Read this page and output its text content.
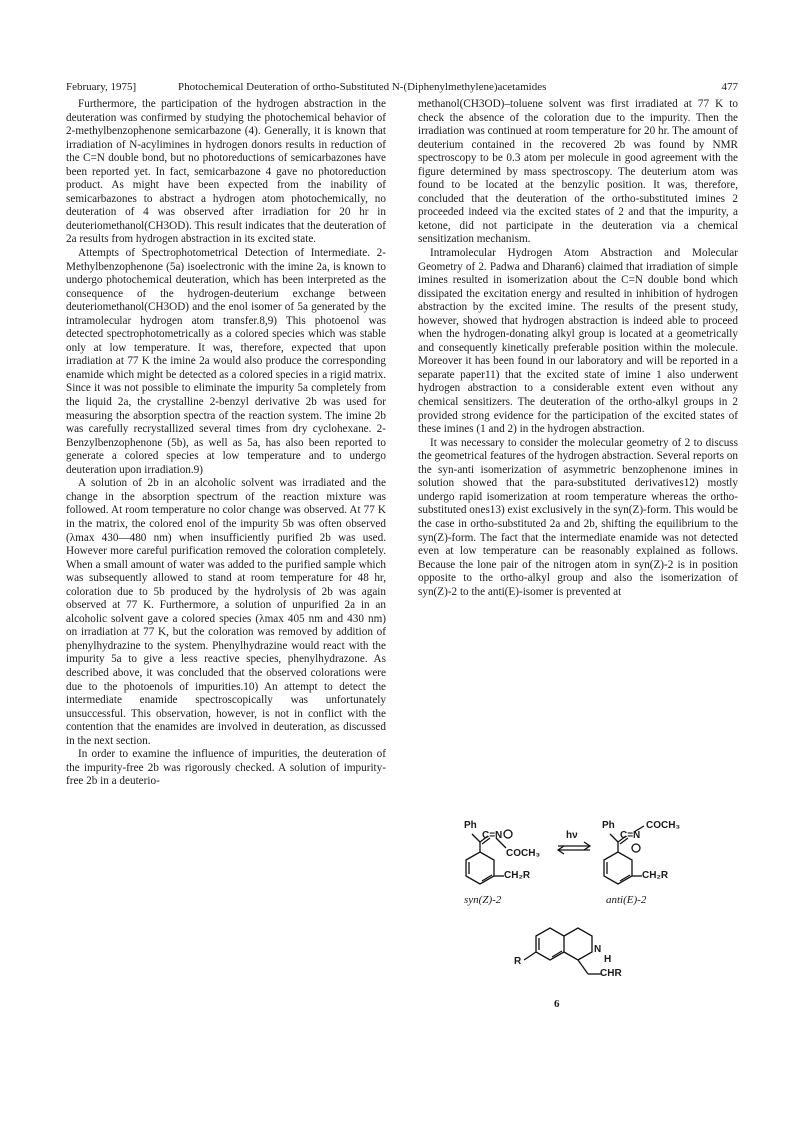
February, 1975]	Photochemical Deuteration of ortho-Substituted N-(Diphenylmethylene)acetamides	477

Furthermore, the participation of the hydrogen abstraction in the deuteration was confirmed by studying the photochemical behavior of 2-methylbenzophenone semicarbazone (4). Generally, it is known that irradiation of N-acylimines in hydrogen donors results in reduction of the C=N double bond, but no photoreductions of semicarbazones have been reported yet. In fact, semicarbazone 4 gave no photoreduction product. As might have been expected from the inability of semicarbazones to abstract a hydrogen atom photochemically, no deuteration of 4 was observed after irradiation for 20 hr in deuteriomethanol(CH3OD). This result indicates that the deuteration of 2a results from hydrogen abstraction in its excited state.

Attempts of Spectrophotometrical Detection of Intermediate. 2-Methylbenzophenone (5a) isoelectronic with the imine 2a, is known to undergo photochemical deuteration, which has been interpreted as the consequence of the hydrogen-deuterium exchange between deuteriomethanol(CH3OD) and the enol isomer of 5a generated by the intramolecular hydrogen atom transfer.8,9) This photoenol was detected spectrophotometrically as a colored species which was stable only at low temperature. It was, therefore, expected that upon irradiation at 77 K the imine 2a would also produce the corresponding enamide which might be detected as a colored species in a rigid matrix. Since it was not possible to eliminate the impurity 5a completely from the liquid 2a, the crystalline 2-benzyl derivative 2b was used for measuring the absorption spectra of the reaction system. The imine 2b was carefully recrystallized several times from dry cyclohexane. 2-Benzylbenzophenone (5b), as well as 5a, has also been reported to generate a colored species at low temperature and to undergo deuteration upon irradiation.9)

A solution of 2b in an alcoholic solvent was irradiated and the change in the absorption spectrum of the reaction mixture was followed. At room temperature no color change was observed. At 77 K in the matrix, the colored enol of the impurity 5b was often observed (λmax 430—480 nm) when insufficiently purified 2b was used. However more careful purification removed the coloration completely. When a small amount of water was added to the purified sample which was subsequently allowed to stand at room temperature for 48 hr, coloration due to 5b produced by the hydrolysis of 2b was again observed at 77 K. Furthermore, a solution of unpurified 2a in an alcoholic solvent gave a colored species (λmax 405 nm and 430 nm) on irradiation at 77 K, but the coloration was removed by addition of phenylhydrazine to the system. Phenylhydrazine would react with the impurity 5a to give a less reactive species, phenylhydrazone. As described above, it was concluded that the observed colorations were due to the photoenols of impurities.10) An attempt to detect the intermediate enamide spectroscopically was unfortunately unsuccessful. This observation, however, is not in conflict with the contention that the enamides are involved in deuteration, as discussed in the next section.

In order to examine the influence of impurities, the deuteration of the impurity-free 2b was rigorously checked. A solution of impurity-free 2b in a deuterio-

methanol(CH3OD)–toluene solvent was first irradiated at 77 K to check the absence of the coloration due to the impurity. Then the irradiation was continued at room temperature for 20 hr. The amount of deuterium contained in the recovered 2b was found by NMR spectroscopy to be 0.3 atom per molecule in good agreement with the figure determined by mass spectroscopy. The deuterium atom was found to be located at the benzylic position. It was, therefore, concluded that the deuteration of the ortho-substituted imines 2 proceeded indeed via the excited states of 2 and that the impurity, a ketone, did not participate in the deuteration via a chemical sensitization mechanism.

Intramolecular Hydrogen Atom Abstraction and Molecular Geometry of 2. Padwa and Dharan6) claimed that irradiation of simple imines resulted in isomerization about the C=N double bond which dissipated the excitation energy and resulted in inhibition of hydrogen abstraction by the excited imine. The results of the present study, however, showed that hydrogen abstraction is indeed able to proceed when the hydrogen-donating alkyl group is located at a geometrically and consequently kinetically preferable position within the molecule. Moreover it has been found in our laboratory and will be reported in a separate paper11) that the excited state of imine 1 also underwent hydrogen abstraction to a considerable extent even without any chemical sensitizers. The deuteration of the ortho-alkyl groups in 2 provided strong evidence for the participation of the excited states of these imines (1 and 2) in the hydrogen abstraction.

It was necessary to consider the molecular geometry of 2 to discuss the geometrical features of the hydrogen abstraction. Several reports on the syn-anti isomerization of asymmetric benzophenone imines in solution showed that the para-substituted derivatives12) mostly undergo rapid isomerization at room temperature whereas the ortho-substituted ones13) exist exclusively in the syn(Z)-form. This would be the case in ortho-substituted 2a and 2b, shifting the equilibrium to the syn(Z)-form. The fact that the intermediate enamide was not detected even at low temperature can be reasonably explained as follows. Because the lone pair of the nitrogen atom in syn(Z)-2 is in position opposite to the ortho-alkyl group and also the isomerization of syn(Z)-2 to the anti(E)-isomer is prevented at

Ph
C=N
COCH₃
CH₂R
hν
Ph
C=N
COCH₃
CH₂R
syn(Z)-2	anti(E)-2
R
N
H
CHR
6
